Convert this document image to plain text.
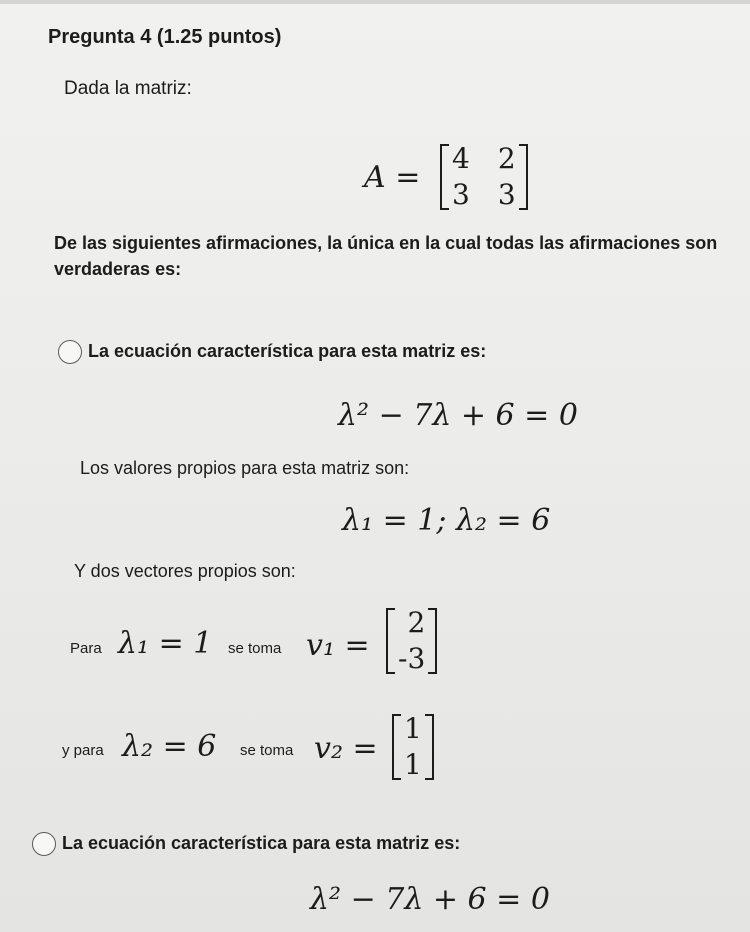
Pregunta 4 (1.25 puntos)
Dada la matriz:
A =
4 2
3 3
De las siguientes afirmaciones, la única en la cual todas las afirmaciones son verdaderas es:
La ecuación característica para esta matriz es:
λ² − 7λ + 6 = 0
Los valores propios para esta matriz son:
λ₁ = 1; λ₂ = 6
Y dos vectores propios son:
Para λ₁ = 1 se toma v₁ =
2
-3
y para λ₂ = 6 se toma v₂ =
1
1
La ecuación característica para esta matriz es:
λ² − 7λ + 6 = 0
